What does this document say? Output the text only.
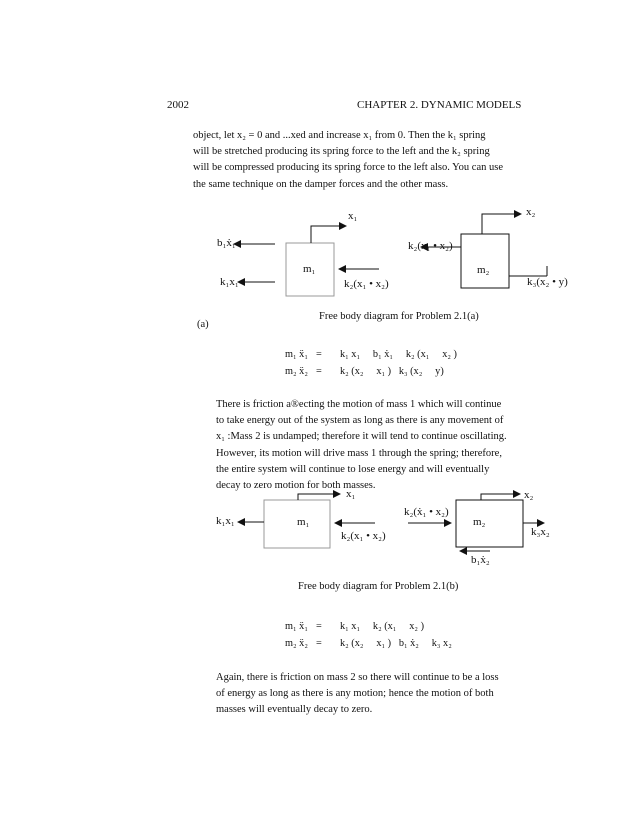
2002	CHAPTER 2. DYNAMIC MODELS
object, let x₂ = 0 and ...xed and increase x₁ from 0. Then the k₁ spring
will be stretched producing its spring force to the left and the k₂ spring
will be compressed producing its spring force to the left also. You can use
the same technique on the damper forces and the other mass.
x₁
b₁ẋ₁
m₁
k₁x₁	k₂(x₁ • x₂)
x₂
k₂(x₁ • x₂)
m₂
k₃(x₂ • y)
Free body diagram for Problem 2.1(a)
(a)
m₁ ẍ₁ = k₁ x₁     b₁ ẋ₁     k₂ (x₁     x₂ )
m₂ ẍ₂ = k₂ (x₂     x₁ )   k₃ (x₂     y)
There is friction a®ecting the motion of mass 1 which will continue
to take energy out of the system as long as there is any movement of
x₁ :Mass 2 is undamped; therefore it will tend to continue oscillating.
However, its motion will drive mass 1 through the spring; therefore,
the entire system will continue to lose energy and will eventually
decay to zero motion for both masses.
x₁	x₂
k₂(ẋ₁ • x₂)
k₁x₁	m₁	m₂
k₂(x₁ • x₂)	k₃x₂
b₁ẋ₂
Free body diagram for Problem 2.1(b)
m₁ ẍ₁ = k₁ x₁     k₂ (x₁     x₂ )
m₂ ẍ₂ = k₂ (x₂     x₁ )   b₁ ẋ₂     k₃ x₂
Again, there is friction on mass 2 so there will continue to be a loss
of energy as long as there is any motion; hence the motion of both
masses will eventually decay to zero.
